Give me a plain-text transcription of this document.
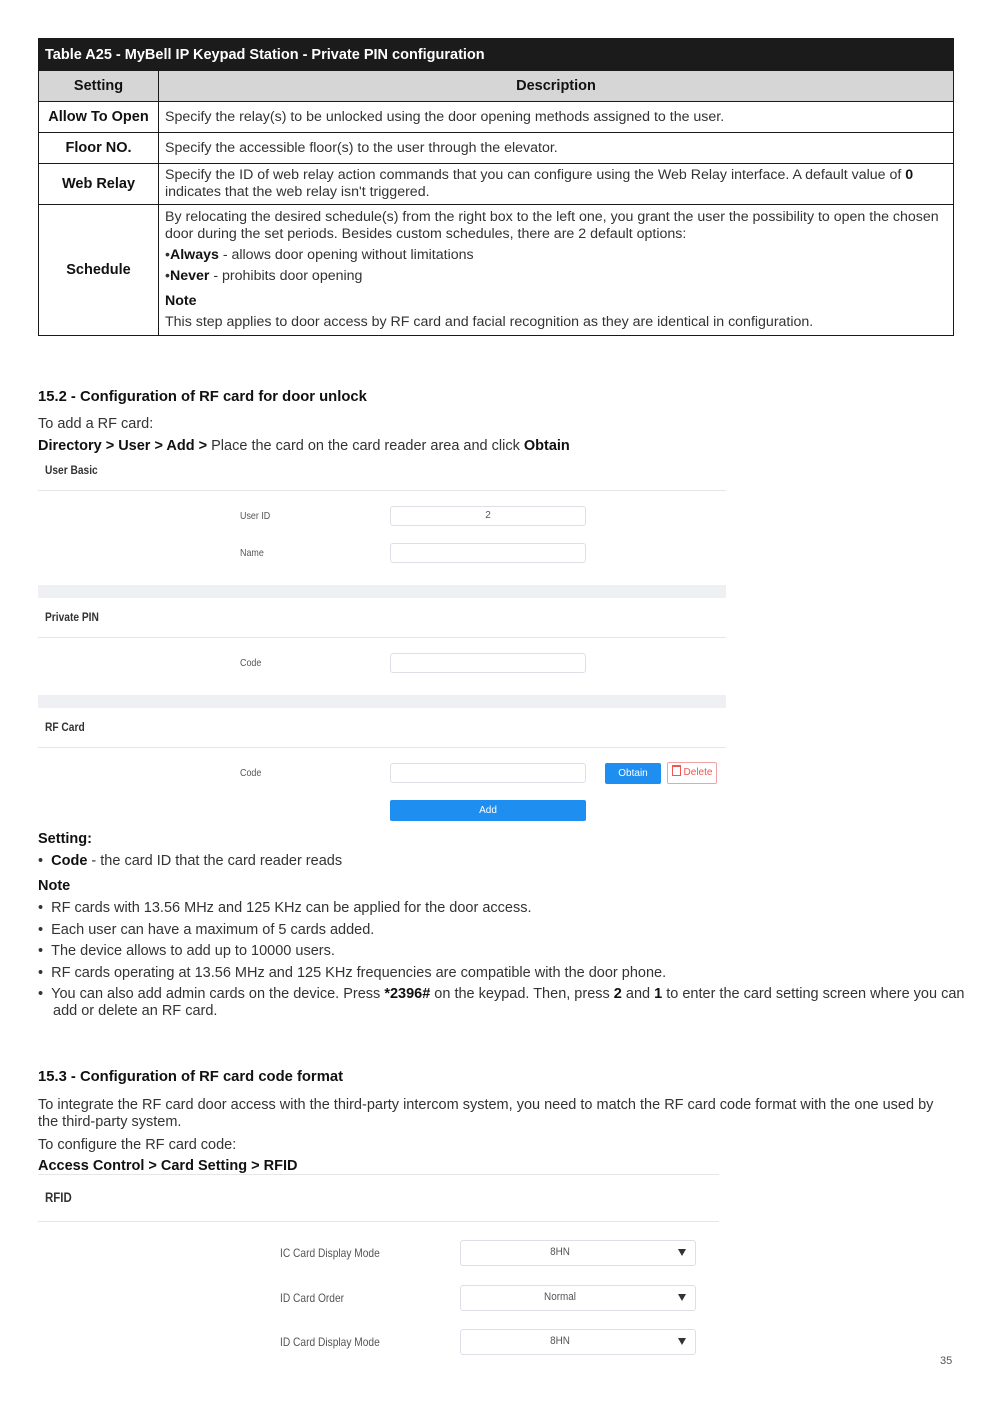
Table A25 - MyBell IP Keypad Station - Private PIN configuration	
Setting	Description
Allow To Open	Specify the relay(s) to be unlocked using the door opening methods assigned to the user.
Floor NO.	Specify the accessible floor(s) to the user through the elevator.
Web Relay	Specify the ID of web relay action commands that you can configure using the Web Relay interface. A default value of 0 indicates that the web relay isn't triggered.
Schedule	By relocating the desired schedule(s) from the right box to the left one, you grant the user the possibility to open the chosen door during the set periods. Besides custom schedules, there are 2 default options:
•Always - allows door opening without limitations
•Never - prohibits door opening
Note
This step applies to door access by RF card and facial recognition as they are identical in configuration.
15.2 - Configuration of RF card for door unlock
To add a RF card:
Directory > User > Add > Place the card on the card reader area and click Obtain
User Basic
User ID	2
Name
Private PIN
Code
RF Card
Code	Obtain	Delete
Add
Setting:
•  Code - the card ID that the card reader reads
Note
•  RF cards with 13.56 MHz and 125 KHz can be applied for the door access.
•  Each user can have a maximum of 5 cards added.
•  The device allows to add up to 10000 users.
•  RF cards operating at 13.56 MHz and 125 KHz frequencies are compatible with the door phone.
•  You can also add admin cards on the device. Press *2396# on the keypad. Then, press 2 and 1 to enter the card setting screen where you can add or delete an RF card.
15.3 - Configuration of RF card code format
To integrate the RF card door access with the third-party intercom system, you need to match the RF card code format with the one used by the third-party system.
To configure the RF card code:
Access Control > Card Setting > RFID
RFID
IC Card Display Mode	8HN
ID Card Order	Normal
ID Card Display Mode	8HN
35
